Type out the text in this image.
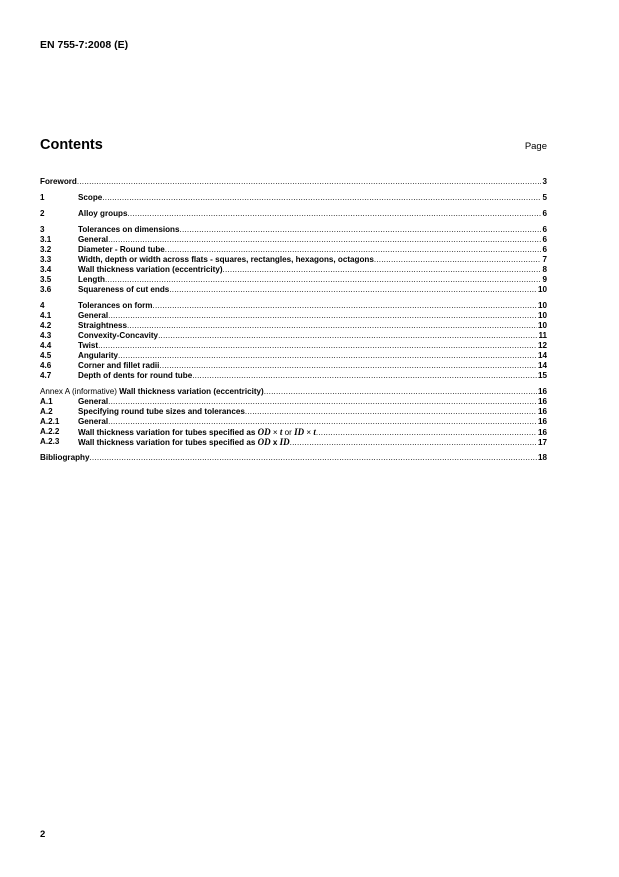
EN 755-7:2008 (E)

Contents	Page

Foreword .....	3
1	Scope .....	5
2	Alloy groups .....	6
3	Tolerances on dimensions .....	6
3.1	General .....	6
3.2	Diameter - Round tube .....	6
3.3	Width, depth or width across flats - squares, rectangles, hexagons, octagons .....	7
3.4	Wall thickness variation (eccentricity) .....	8
3.5	Length .....	9
3.6	Squareness of cut ends .....	10
4	Tolerances on form .....	10
4.1	General .....	10
4.2	Straightness .....	10
4.3	Convexity-Concavity .....	11
4.4	Twist .....	12
4.5	Angularity .....	14
4.6	Corner and fillet radii .....	14
4.7	Depth of dents for round tube .....	15
Annex A (informative) Wall thickness variation (eccentricity) .....	16
A.1	General .....	16
A.2	Specifying round tube sizes and tolerances .....	16
A.2.1 General .....	16
A.2.2 Wall thickness variation for tubes specified as OD × t or ID × t .....	16
A.2.3 Wall thickness variation for tubes specified as OD x ID .....	17
Bibliography .....	18

2
